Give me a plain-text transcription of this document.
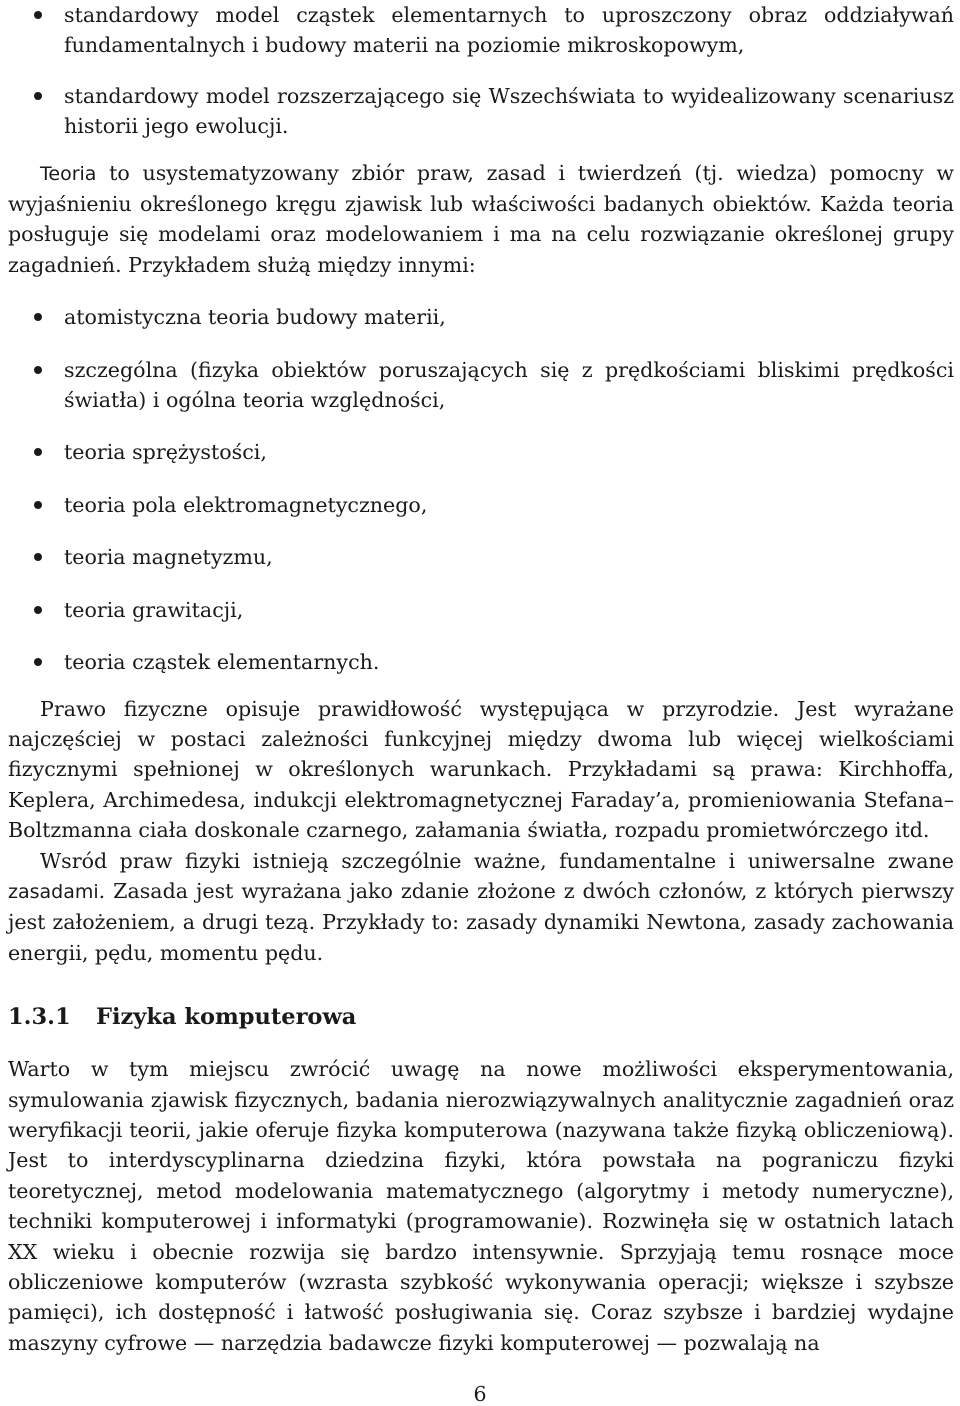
standardowy model cząstek elementarnych to uproszczony obraz oddziaływań fundamentalnych i budowy materii na poziomie mikroskopowym,
standardowy model rozszerzającego się Wszechświata to wyidealizowany scenariusz historii jego ewolucji.

Teoria to usystematyzowany zbiór praw, zasad i twierdzeń (tj. wiedza) pomocny w wyjaśnieniu określonego kręgu zjawisk lub właściwości badanych obiektów. Każda teoria posługuje się modelami oraz modelowaniem i ma na celu rozwiązanie określonej grupy zagadnień. Przykładem służą między innymi:

atomistyczna teoria budowy materii,
szczególna (fizyka obiektów poruszających się z prędkościami bliskimi prędkości światła) i ogólna teoria względności,
teoria sprężystości,
teoria pola elektromagnetycznego,
teoria magnetyzmu,
teoria grawitacji,
teoria cząstek elementarnych.

Prawo fizyczne opisuje prawidłowość występująca w przyrodzie. Jest wyrażane najczęściej w postaci zależności funkcyjnej między dwoma lub więcej wielkościami fizycznymi spełnionej w określonych warunkach. Przykładami są prawa: Kirchhoffa, Keplera, Archimedesa, indukcji elektromagnetycznej Faraday’a, promieniowania Stefana–Boltzmanna ciała doskonale czarnego, załamania światła, rozpadu promietwórczego itd.

Wsród praw fizyki istnieją szczególnie ważne, fundamentalne i uniwersalne zwane zasadami. Zasada jest wyrażana jako zdanie złożone z dwóch członów, z których pierwszy jest założeniem, a drugi tezą. Przykłady to: zasady dynamiki Newtona, zasady zachowania energii, pędu, momentu pędu.

1.3.1 Fizyka komputerowa

Warto w tym miejscu zwrócić uwagę na nowe możliwości eksperymentowania, symulowania zjawisk fizycznych, badania nierozwiązywalnych analitycznie zagadnień oraz weryfikacji teorii, jakie oferuje fizyka komputerowa (nazywana także fizyką obliczeniową). Jest to interdyscyplinarna dziedzina fizyki, która powstała na pograniczu fizyki teoretycznej, metod modelowania matematycznego (algorytmy i metody numeryczne), techniki komputerowej i informatyki (programowanie). Rozwinęła się w ostatnich latach XX wieku i obecnie rozwija się bardzo intensywnie. Sprzyjają temu rosnące moce obliczeniowe komputerów (wzrasta szybkość wykonywania operacji; większe i szybsze pamięci), ich dostępność i łatwość posługiwania się. Coraz szybsze i bardziej wydajne maszyny cyfrowe — narzędzia badawcze fizyki komputerowej — pozwalają na

6
